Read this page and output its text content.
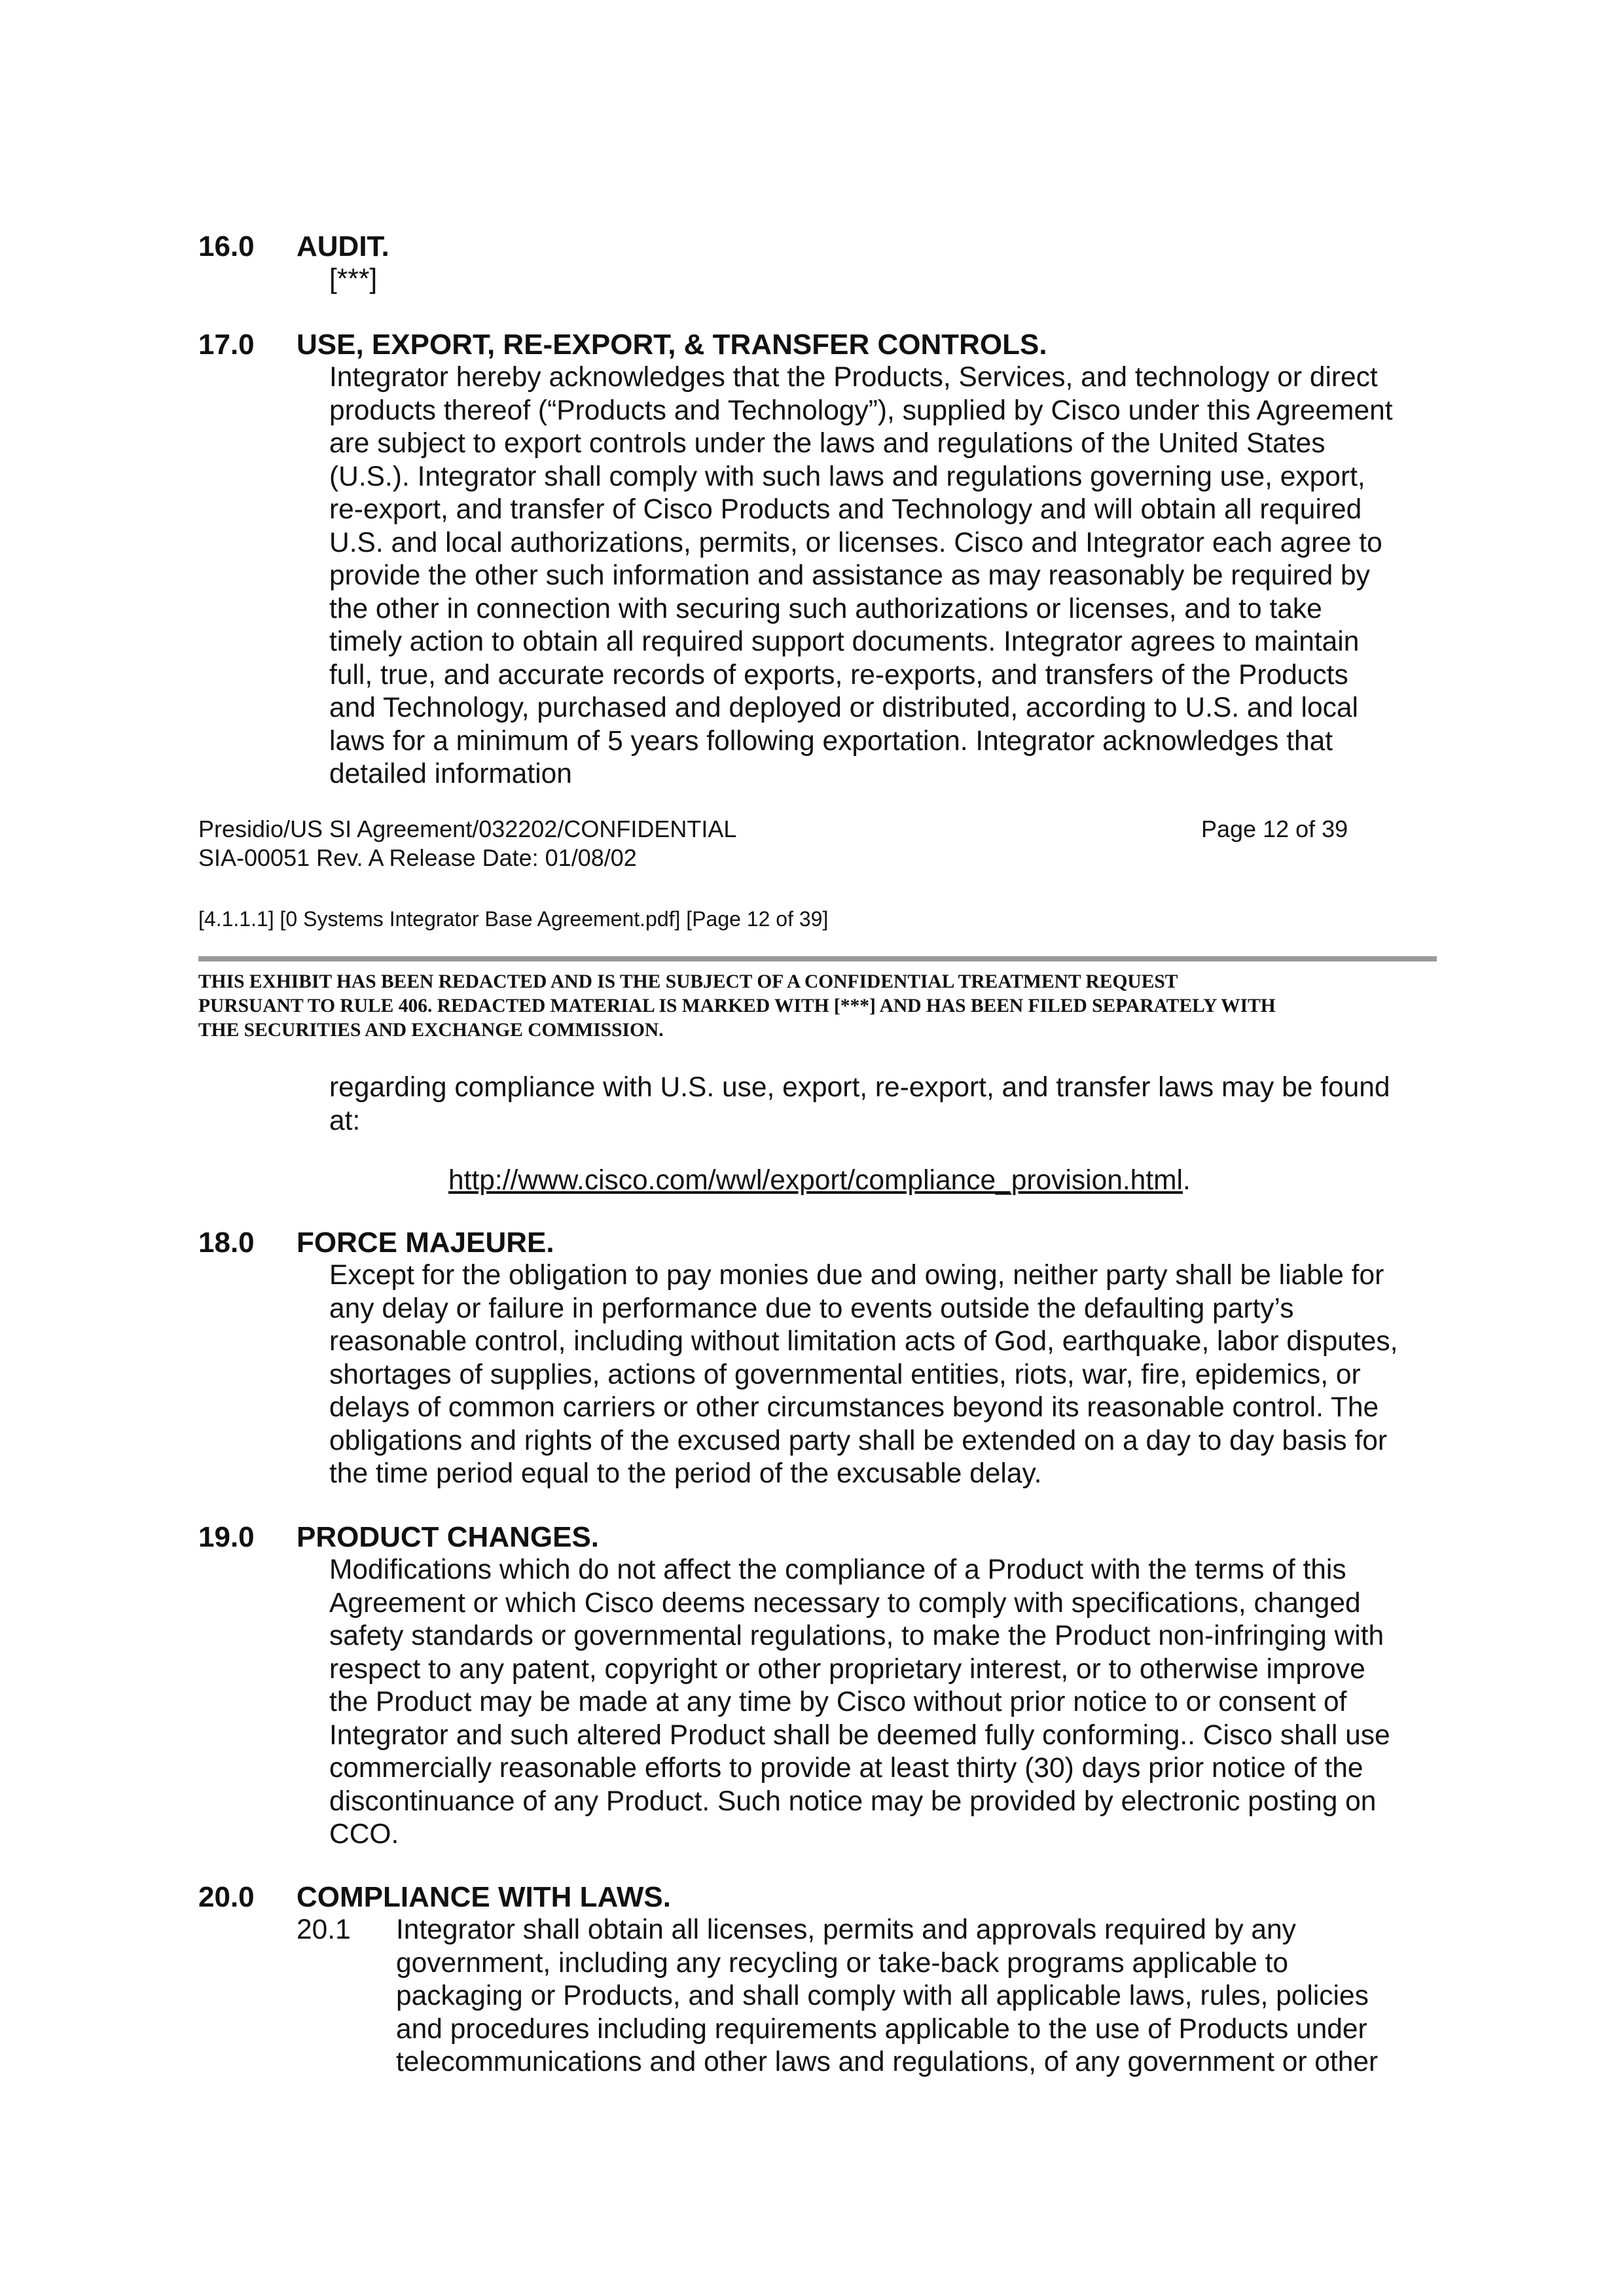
16.0 AUDIT.
[***]
17.0 USE, EXPORT, RE-EXPORT, & TRANSFER CONTROLS.
Integrator hereby acknowledges that the Products, Services, and technology or direct
products thereof (“Products and Technology”), supplied by Cisco under this Agreement
are subject to export controls under the laws and regulations of the United States
(U.S.). Integrator shall comply with such laws and regulations governing use, export,
re-export, and transfer of Cisco Products and Technology and will obtain all required
U.S. and local authorizations, permits, or licenses. Cisco and Integrator each agree to
provide the other such information and assistance as may reasonably be required by
the other in connection with securing such authorizations or licenses, and to take
timely action to obtain all required support documents. Integrator agrees to maintain
full, true, and accurate records of exports, re-exports, and transfers of the Products
and Technology, purchased and deployed or distributed, according to U.S. and local
laws for a minimum of 5 years following exportation. Integrator acknowledges that
detailed information
Presidio/US SI Agreement/032202/CONFIDENTIAL	Page 12 of 39
SIA-00051 Rev. A Release Date: 01/08/02
[4.1.1.1] [0 Systems Integrator Base Agreement.pdf] [Page 12 of 39]
THIS EXHIBIT HAS BEEN REDACTED AND IS THE SUBJECT OF A CONFIDENTIAL TREATMENT REQUEST
PURSUANT TO RULE 406. REDACTED MATERIAL IS MARKED WITH [***] AND HAS BEEN FILED SEPARATELY WITH
THE SECURITIES AND EXCHANGE COMMISSION.
regarding compliance with U.S. use, export, re-export, and transfer laws may be found
at:
http://www.cisco.com/wwl/export/compliance_provision.html.
18.0 FORCE MAJEURE.
Except for the obligation to pay monies due and owing, neither party shall be liable for
any delay or failure in performance due to events outside the defaulting party’s
reasonable control, including without limitation acts of God, earthquake, labor disputes,
shortages of supplies, actions of governmental entities, riots, war, fire, epidemics, or
delays of common carriers or other circumstances beyond its reasonable control. The
obligations and rights of the excused party shall be extended on a day to day basis for
the time period equal to the period of the excusable delay.
19.0 PRODUCT CHANGES.
Modifications which do not affect the compliance of a Product with the terms of this
Agreement or which Cisco deems necessary to comply with specifications, changed
safety standards or governmental regulations, to make the Product non-infringing with
respect to any patent, copyright or other proprietary interest, or to otherwise improve
the Product may be made at any time by Cisco without prior notice to or consent of
Integrator and such altered Product shall be deemed fully conforming.. Cisco shall use
commercially reasonable efforts to provide at least thirty (30) days prior notice of the
discontinuance of any Product. Such notice may be provided by electronic posting on
CCO.
20.0 COMPLIANCE WITH LAWS.
20.1 Integrator shall obtain all licenses, permits and approvals required by any
government, including any recycling or take-back programs applicable to
packaging or Products, and shall comply with all applicable laws, rules, policies
and procedures including requirements applicable to the use of Products under
telecommunications and other laws and regulations, of any government or other
